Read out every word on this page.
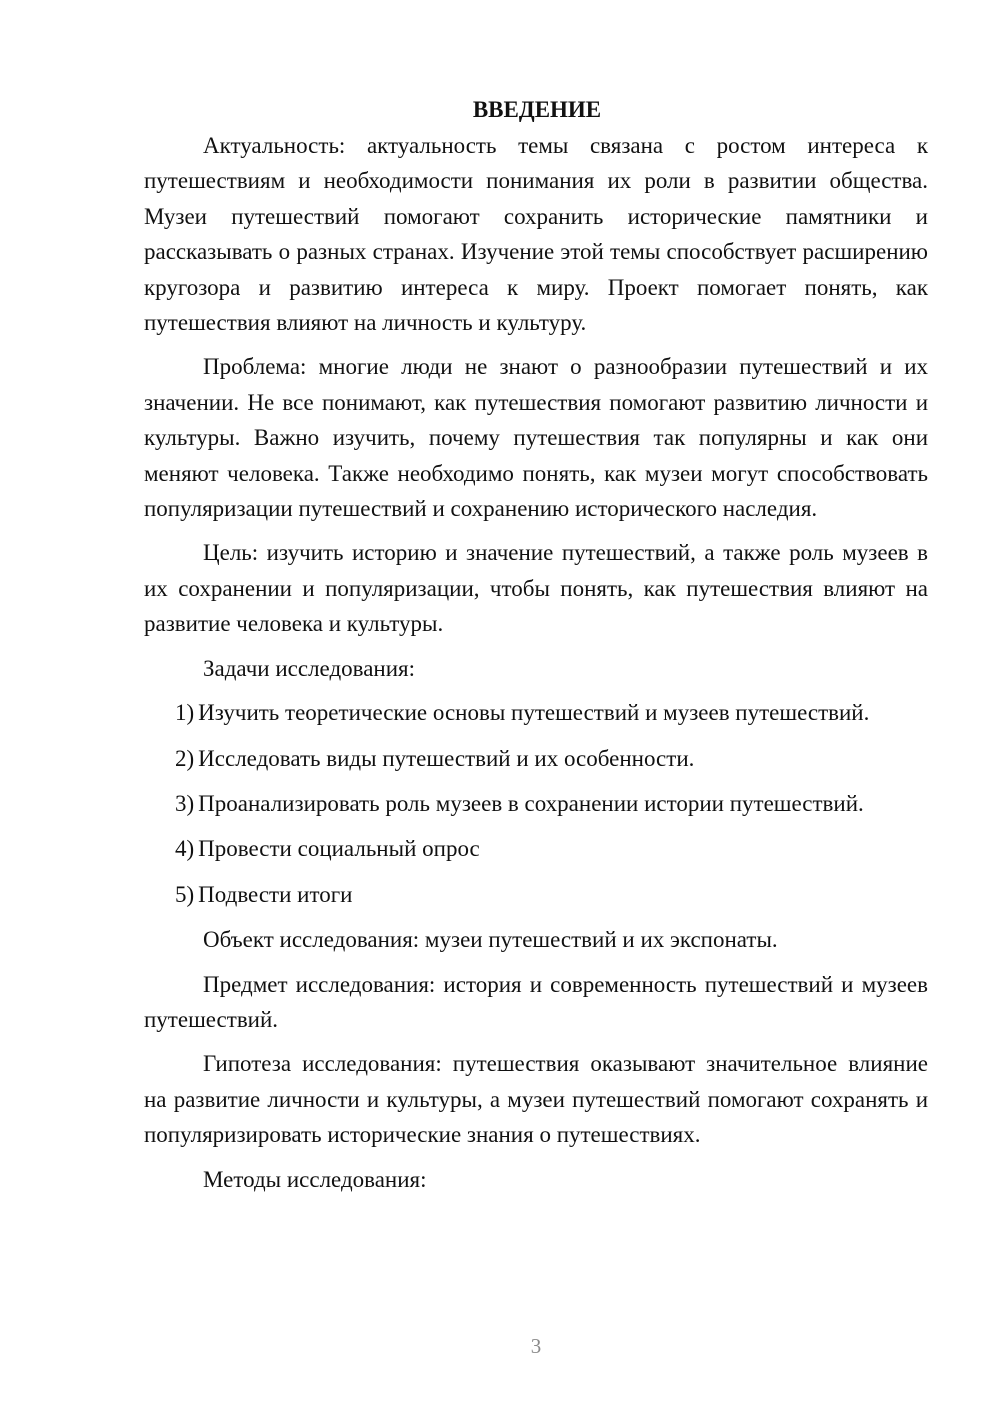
ВВЕДЕНИЕ

Актуальность: актуальность темы связана с ростом интереса к путешествиям и необходимости понимания их роли в развитии общества. Музеи путешествий помогают сохранить исторические памятники и рассказывать о разных странах. Изучение этой темы способствует расширению кругозора и развитию интереса к миру. Проект помогает понять, как путешествия влияют на личность и культуру.

Проблема: многие люди не знают о разнообразии путешествий и их значении. Не все понимают, как путешествия помогают развитию личности и культуры. Важно изучить, почему путешествия так популярны и как они меняют человека. Также необходимо понять, как музеи могут способствовать популяризации путешествий и сохранению исторического наследия.

Цель: изучить историю и значение путешествий, а также роль музеев в их сохранении и популяризации, чтобы понять, как путешествия влияют на развитие человека и культуры.

Задачи исследования:

1) Изучить теоретические основы путешествий и музеев путешествий.
2) Исследовать виды путешествий и их особенности.
3) Проанализировать роль музеев в сохранении истории путешествий.
4) Провести социальный опрос
5) Подвести итоги

Объект исследования: музеи путешествий и их экспонаты.

Предмет исследования: история и современность путешествий и музеев путешествий.

Гипотеза исследования: путешествия оказывают значительное влияние на развитие личности и культуры, а музеи путешествий помогают сохранять и популяризировать исторические знания о путешествиях.

Методы исследования:

3
